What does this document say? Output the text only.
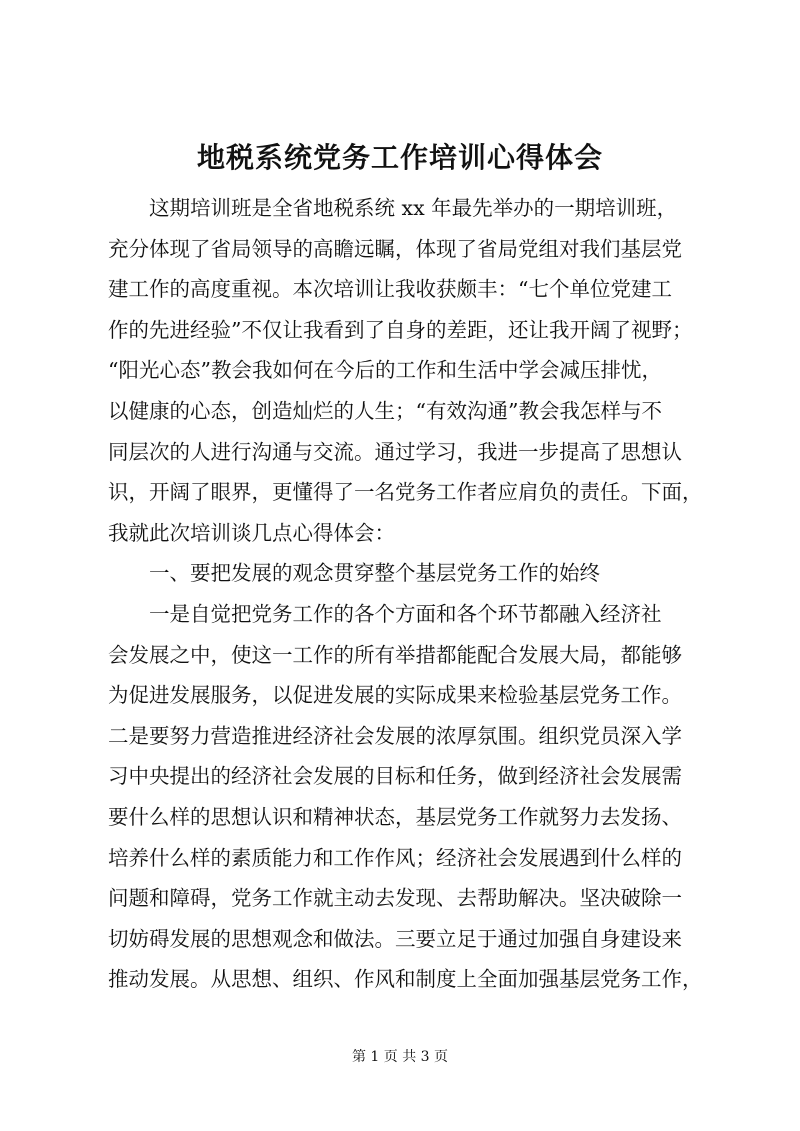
地税系统党务工作培训心得体会
　　这期培训班是全省地税系统 xx 年最先举办的一期培训班，
充分体现了省局领导的高瞻远瞩，体现了省局党组对我们基层党
建工作的高度重视。本次培训让我收获颇丰：“七个单位党建工
作的先进经验”不仅让我看到了自身的差距，还让我开阔了视野；
“阳光心态”教会我如何在今后的工作和生活中学会减压排忧，
以健康的心态，创造灿烂的人生；“有效沟通”教会我怎样与不
同层次的人进行沟通与交流。通过学习，我进一步提高了思想认
识，开阔了眼界，更懂得了一名党务工作者应肩负的责任。下面，
我就此次培训谈几点心得体会：
　　一、要把发展的观念贯穿整个基层党务工作的始终
　　一是自觉把党务工作的各个方面和各个环节都融入经济社
会发展之中，使这一工作的所有举措都能配合发展大局，都能够
为促进发展服务，以促进发展的实际成果来检验基层党务工作。
二是要努力营造推进经济社会发展的浓厚氛围。组织党员深入学
习中央提出的经济社会发展的目标和任务，做到经济社会发展需
要什么样的思想认识和精神状态，基层党务工作就努力去发扬、
培养什么样的素质能力和工作作风；经济社会发展遇到什么样的
问题和障碍，党务工作就主动去发现、去帮助解决。坚决破除一
切妨碍发展的思想观念和做法。三要立足于通过加强自身建设来
推动发展。从思想、组织、作风和制度上全面加强基层党务工作，
第 1 页 共 3 页
